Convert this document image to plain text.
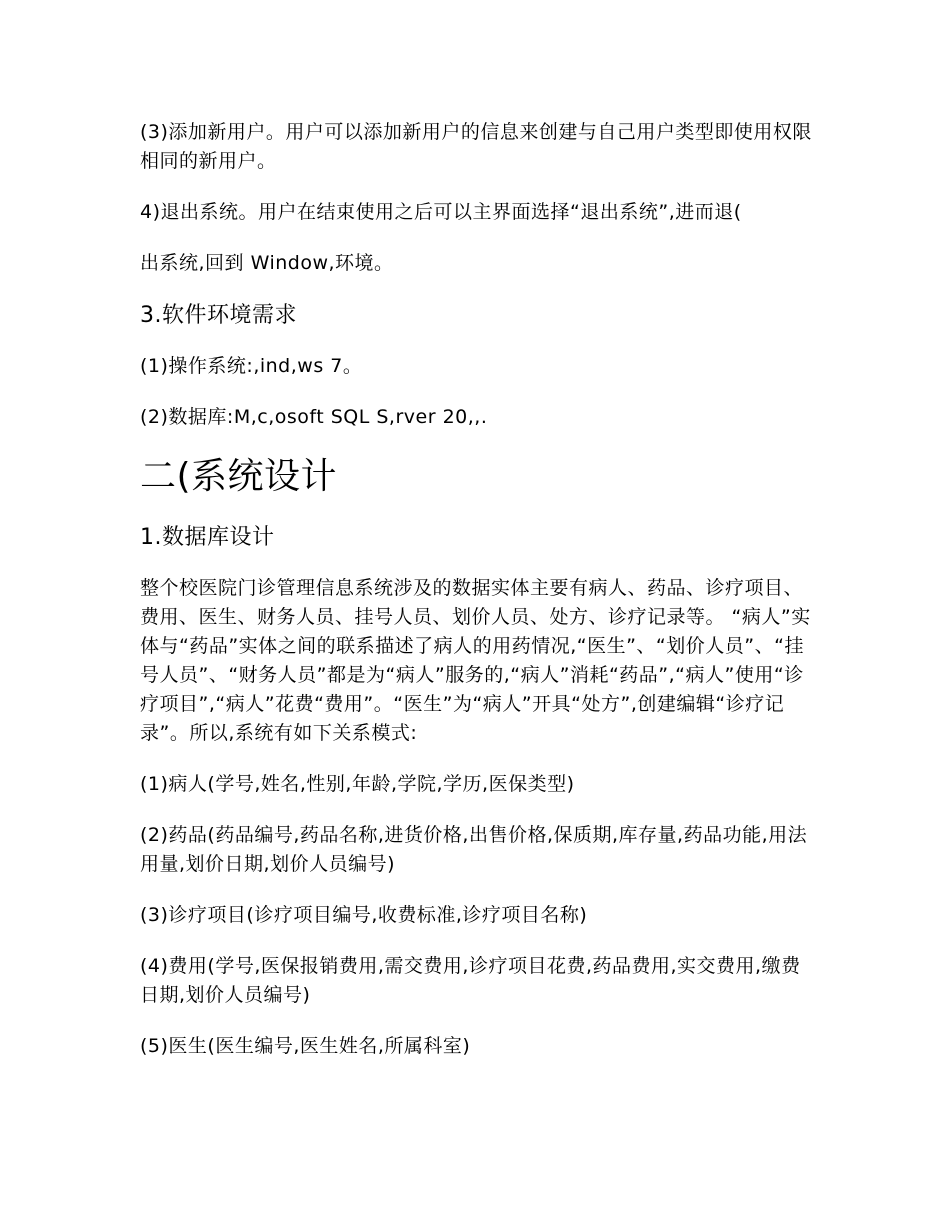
(3)添加新用户。用户可以添加新用户的信息来创建与自己用户类型即使用权限相同的新用户。

4)退出系统。用户在结束使用之后可以主界面选择“退出系统”,进而退(

出系统,回到 Window,环境。

3.软件环境需求

(1)操作系统:,ind,ws 7。

(2)数据库:M,c,osoft SQL S,rver 20,,.

二(系统设计

1.数据库设计

整个校医院门诊管理信息系统涉及的数据实体主要有病人、药品、诊疗项目、费用、医生、财务人员、挂号人员、划价人员、处方、诊疗记录等。 “病人”实体与“药品”实体之间的联系描述了病人的用药情况,“医生”、“划价人员”、“挂号人员”、“财务人员”都是为“病人”服务的,“病人”消耗“药品”,“病人”使用“诊疗项目”,“病人”花费“费用”。“医生”为“病人”开具“处方”,创建编辑“诊疗记录”。所以,系统有如下关系模式:

(1)病人(学号,姓名,性别,年龄,学院,学历,医保类型)

(2)药品(药品编号,药品名称,进货价格,出售价格,保质期,库存量,药品功能,用法用量,划价日期,划价人员编号)

(3)诊疗项目(诊疗项目编号,收费标准,诊疗项目名称)

(4)费用(学号,医保报销费用,需交费用,诊疗项目花费,药品费用,实交费用,缴费日期,划价人员编号)

(5)医生(医生编号,医生姓名,所属科室)
